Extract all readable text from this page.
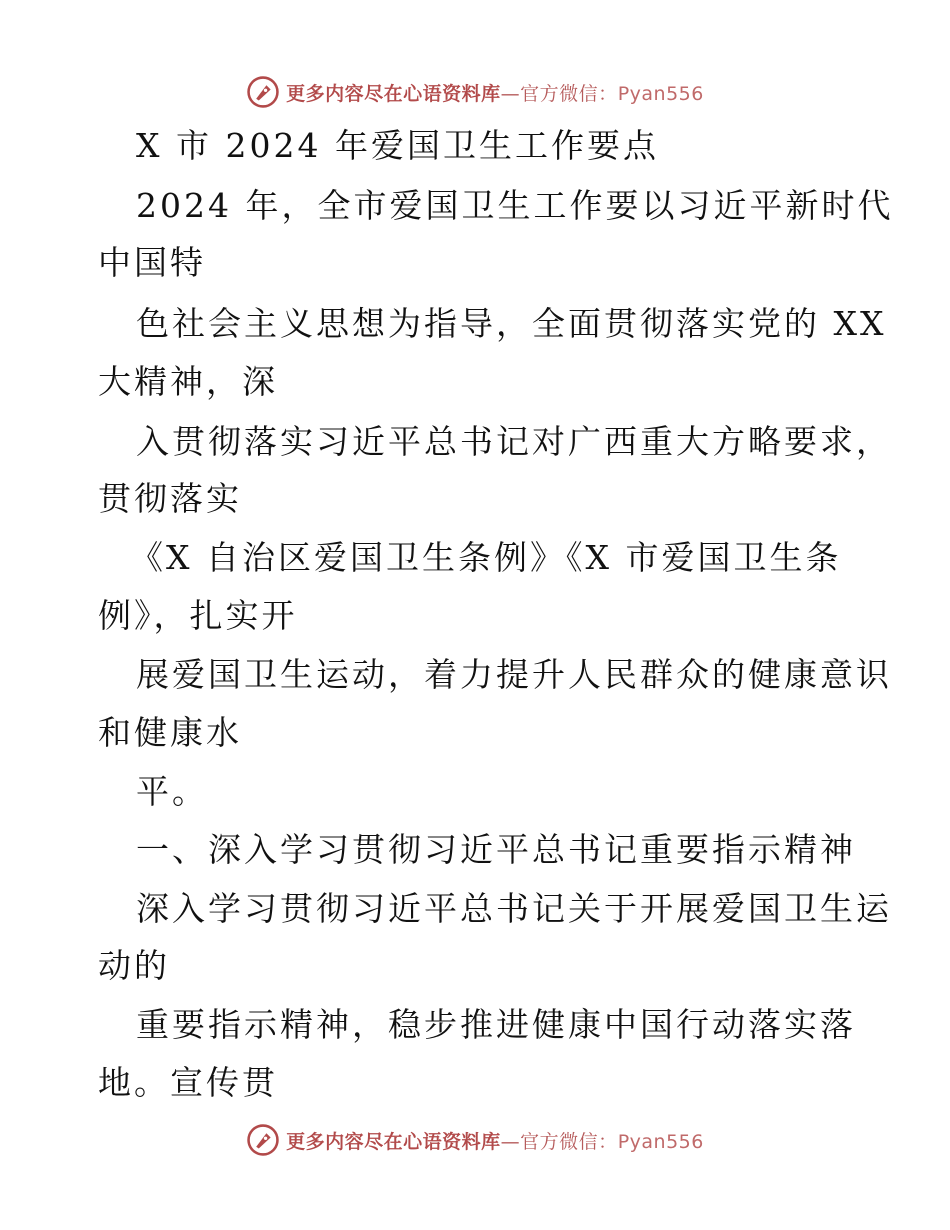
更多内容尽在心语资料库—官方微信：Pyan556
X 市 2024 年爱国卫生工作要点
2024 年，全市爱国卫生工作要以习近平新时代
中国特
色社会主义思想为指导，全面贯彻落实党的 XX
大精神，深
入贯彻落实习近平总书记对广西重大方略要求，
贯彻落实
《X 自治区爱国卫生条例》《X 市爱国卫生条
例》，扎实开
展爱国卫生运动，着力提升人民群众的健康意识
和健康水
平。
一、深入学习贯彻习近平总书记重要指示精神
深入学习贯彻习近平总书记关于开展爱国卫生运
动的
重要指示精神，稳步推进健康中国行动落实落
地。宣传贯
更多内容尽在心语资料库—官方微信：Pyan556
